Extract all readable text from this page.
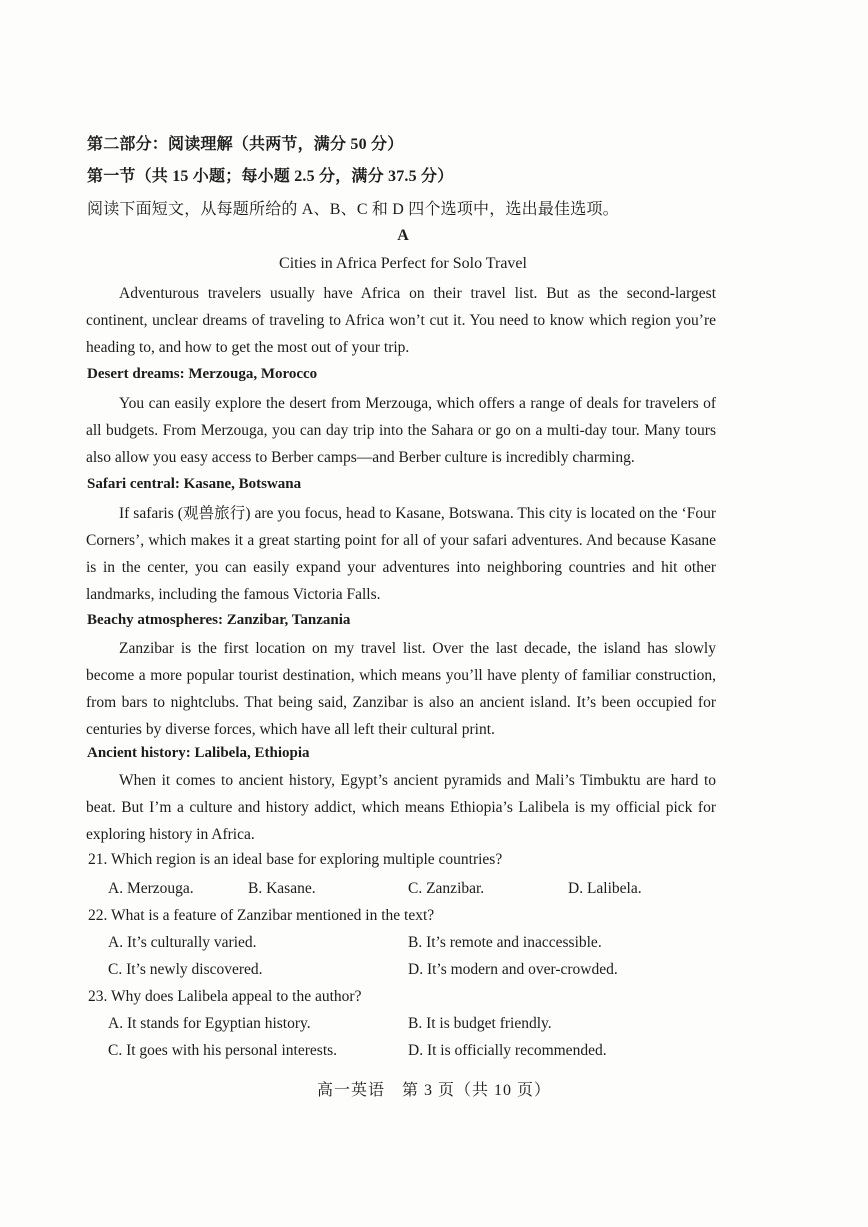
第二部分：阅读理解（共两节，满分 50 分）
第一节（共 15 小题；每小题 2.5 分，满分 37.5 分）
阅读下面短文，从每题所给的 A、B、C 和 D 四个选项中，选出最佳选项。
A
Cities in Africa Perfect for Solo Travel
Adventurous travelers usually have Africa on their travel list. But as the second-largest continent, unclear dreams of traveling to Africa won’t cut it. You need to know which region you’re heading to, and how to get the most out of your trip.
Desert dreams: Merzouga, Morocco
You can easily explore the desert from Merzouga, which offers a range of deals for travelers of all budgets. From Merzouga, you can day trip into the Sahara or go on a multi-day tour. Many tours also allow you easy access to Berber camps—and Berber culture is incredibly charming.
Safari central: Kasane, Botswana
If safaris (观兽旅行) are you focus, head to Kasane, Botswana. This city is located on the ‘Four Corners’, which makes it a great starting point for all of your safari adventures. And because Kasane is in the center, you can easily expand your adventures into neighboring countries and hit other landmarks, including the famous Victoria Falls.
Beachy atmospheres: Zanzibar, Tanzania
Zanzibar is the first location on my travel list. Over the last decade, the island has slowly become a more popular tourist destination, which means you’ll have plenty of familiar construction, from bars to nightclubs. That being said, Zanzibar is also an ancient island. It’s been occupied for centuries by diverse forces, which have all left their cultural print.
Ancient history: Lalibela, Ethiopia
When it comes to ancient history, Egypt’s ancient pyramids and Mali’s Timbuktu are hard to beat. But I’m a culture and history addict, which means Ethiopia’s Lalibela is my official pick for exploring history in Africa.
21. Which region is an ideal base for exploring multiple countries?
A. Merzouga.	B. Kasane.	C. Zanzibar.	D. Lalibela.
22. What is a feature of Zanzibar mentioned in the text?
A. It’s culturally varied.	B. It’s remote and inaccessible.
C. It’s newly discovered.	D. It’s modern and over-crowded.
23. Why does Lalibela appeal to the author?
A. It stands for Egyptian history.	B. It is budget friendly.
C. It goes with his personal interests.	D. It is officially recommended.
高一英语　第 3 页（共 10 页）
